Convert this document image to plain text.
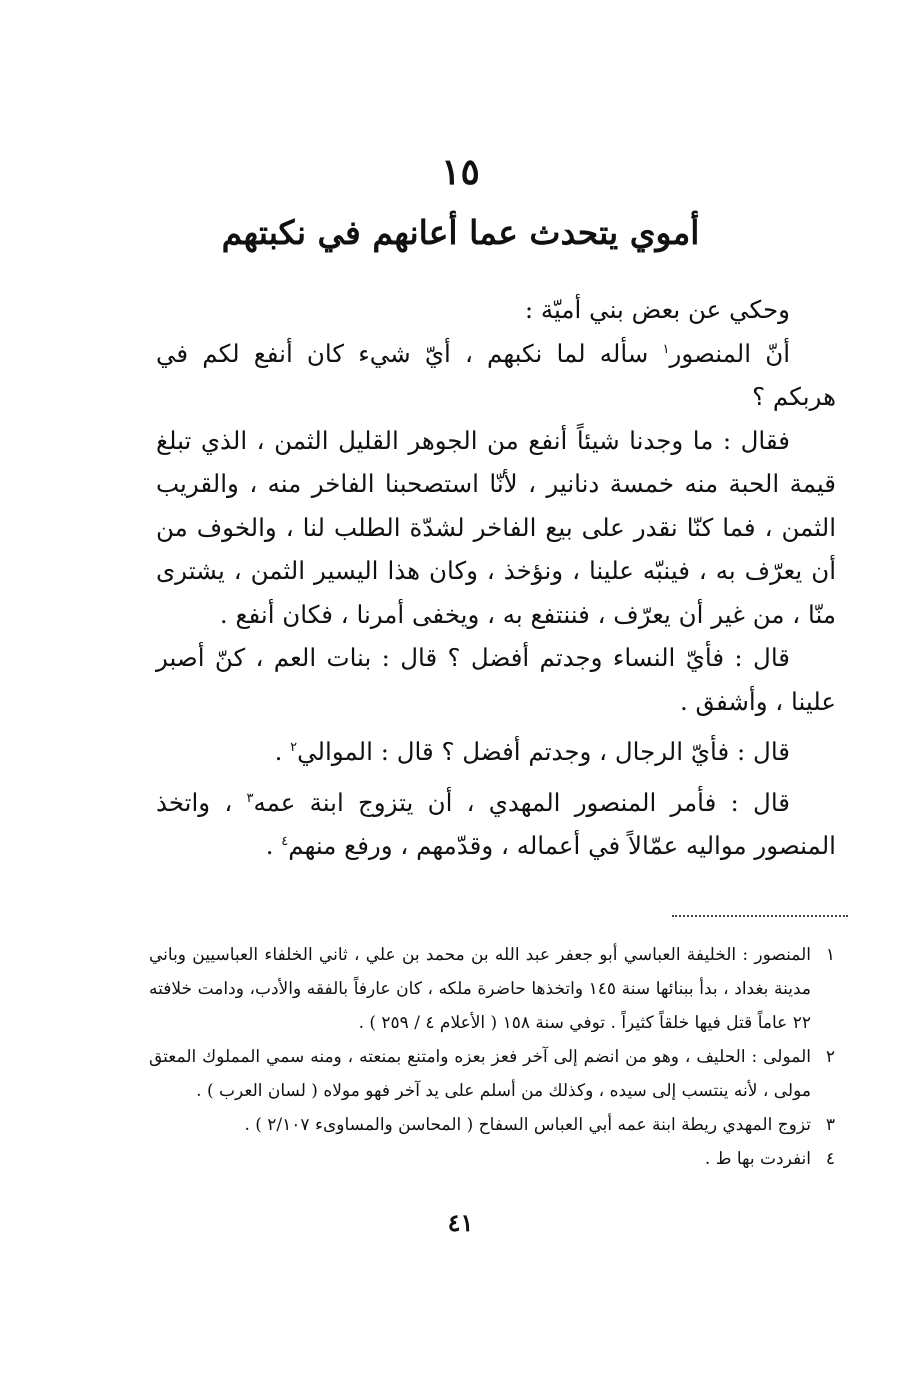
١٥
أموي يتحدث عما أعانهم في نكبتهم

وحكي عن بعض بني أميّة :

أنّ المنصور$^١$ سأله لما نكبهم ، أيّ شيء كان أنفع لكم في هربكم ؟

فقال : ما وجدنا شيئاً أنفع من الجوهر القليل الثمن ، الذي تبلغ قيمة الحبة منه خمسة دنانير ، لأنّا استصحبنا الفاخر منه ، والقريب الثمن ، فما كنّا نقدر على بيع الفاخر لشدّة الطلب لنا ، والخوف من أن يعرّف به ، فينبّه علينا ، ونؤخذ ، وكان هذا اليسير الثمن ، يشترى منّا ، من غير أن يعرّف ، فننتفع به ، ويخفى أمرنا ، فكان أنفع .

قال : فأيّ النساء وجدتم أفضل ؟ قال : بنات العم ، كنّ أصبر علينا ، وأشفق .

قال : فأيّ الرجال ، وجدتم أفضل ؟ قال : الموالي$^٢$ .

قال : فأمر المنصور المهدي ، أن يتزوج ابنة عمه$^٣$ ، واتخذ المنصور مواليه عمّالاً في أعماله ، وقدّمهم ، ورفع منهم$^٤$ .

١
المنصور : الخليفة العباسي أبو جعفر عبد الله بن محمد بن علي ، ثاني الخلفاء العباسيين وباني مدينة بغداد ، بدأ ببنائها سنة ١٤٥ واتخذها حاضرة ملكه ، كان عارفاً بالفقه والأدب، ودامت خلافته ٢٢ عاماً قتل فيها خلقاً كثيراً . توفي سنة ١٥٨ ( الأعلام ٤ / ٢٥٩ ) .
٢
المولى : الحليف ، وهو من انضم إلى آخر فعز بعزه وامتنع بمنعته ، ومنه سمي المملوك المعتق مولى ، لأنه ينتسب إلى سيده ، وكذلك من أسلم على يد آخر فهو مولاه ( لسان العرب ) .
٣
تزوج المهدي ريطة ابنة عمه أبي العباس السفاح ( المحاسن والمساوىء ٢/١٠٧ ) .
٤
انفردت بها ط .
٤١
